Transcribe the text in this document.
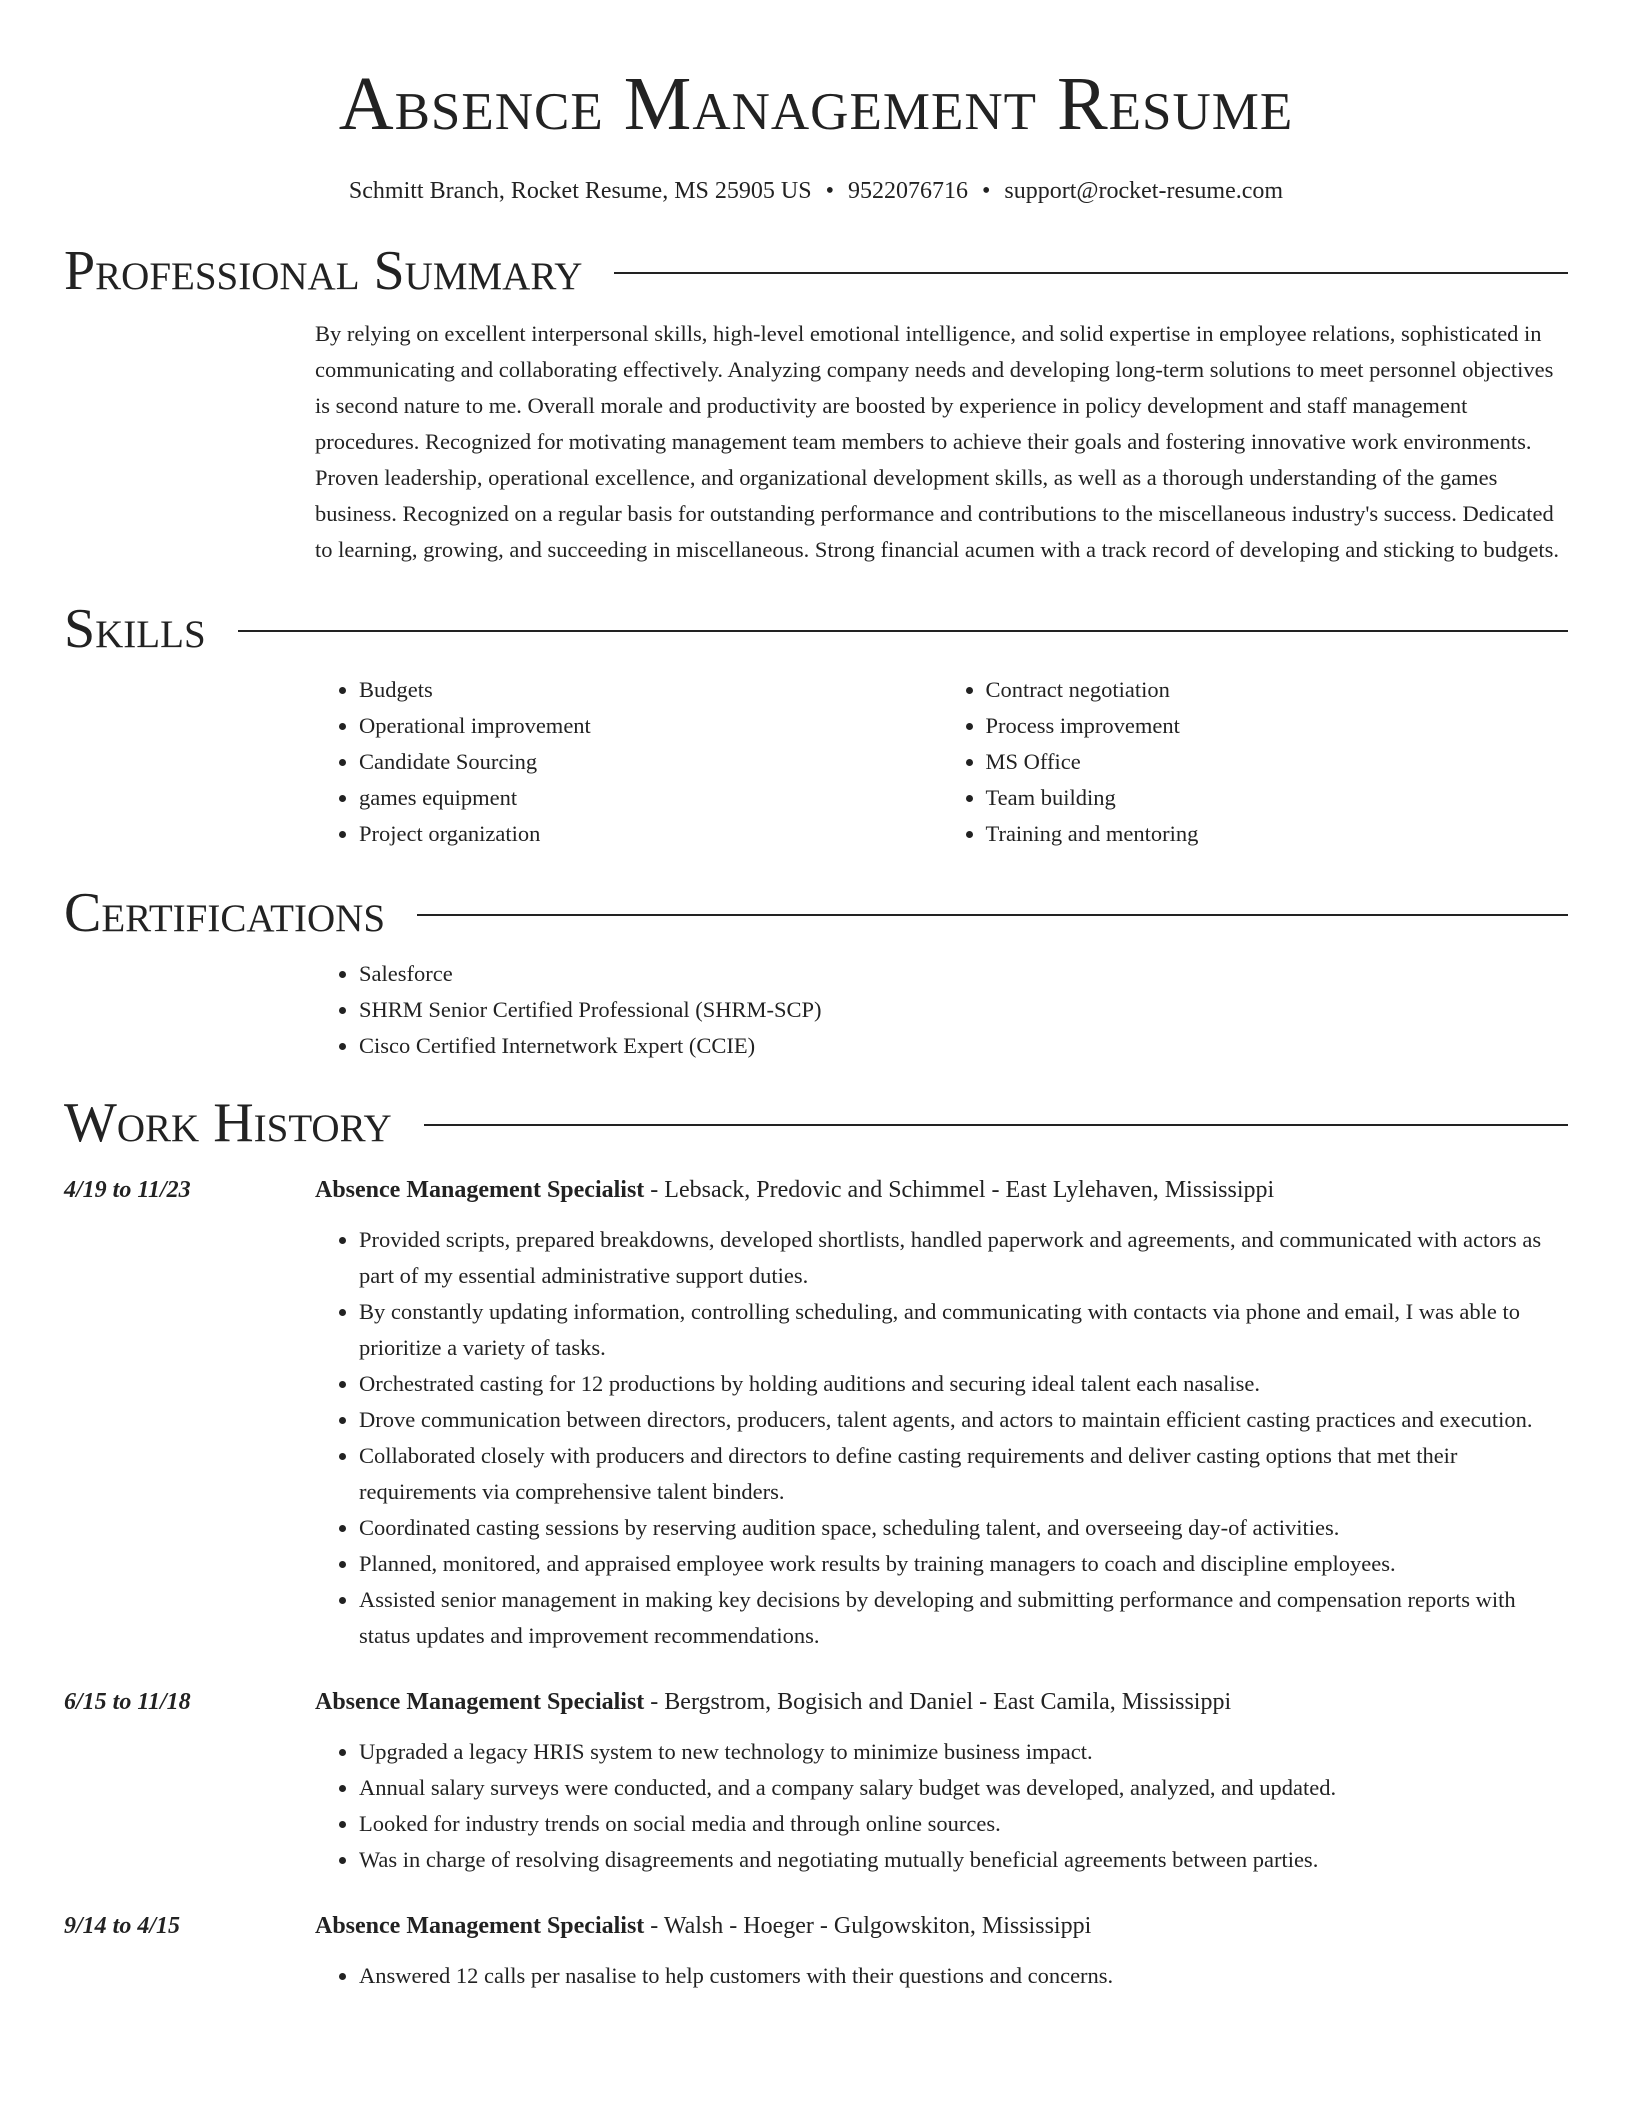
Absence Management Resume
Schmitt Branch, Rocket Resume, MS 25905 US • 9522076716 • support@rocket-resume.com
Professional Summary

By relying on excellent interpersonal skills, high-level emotional intelligence, and solid expertise in employee relations, sophisticated in communicating and collaborating effectively. Analyzing company needs and developing long-term solutions to meet personnel objectives is second nature to me. Overall morale and productivity are boosted by experience in policy development and staff management procedures. Recognized for motivating management team members to achieve their goals and fostering innovative work environments. Proven leadership, operational excellence, and organizational development skills, as well as a thorough understanding of the games business. Recognized on a regular basis for outstanding performance and contributions to the miscellaneous industry's success. Dedicated to learning, growing, and succeeding in miscellaneous. Strong financial acumen with a track record of developing and sticking to budgets.

Skills
• Budgets
• Operational improvement
• Candidate Sourcing
• games equipment
• Project organization
• Contract negotiation
• Process improvement
• MS Office
• Team building
• Training and mentoring
Certifications
• Salesforce
• SHRM Senior Certified Professional (SHRM-SCP)
• Cisco Certified Internetwork Expert (CCIE)
Work History
4/19 to 11/23	Absence Management Specialist - Lebsack, Predovic and Schimmel - East Lylehaven, Mississippi
• Provided scripts, prepared breakdowns, developed shortlists, handled paperwork and agreements, and communicated with actors as part of my essential administrative support duties.
• By constantly updating information, controlling scheduling, and communicating with contacts via phone and email, I was able to prioritize a variety of tasks.
• Orchestrated casting for 12 productions by holding auditions and securing ideal talent each nasalise.
• Drove communication between directors, producers, talent agents, and actors to maintain efficient casting practices and execution.
• Collaborated closely with producers and directors to define casting requirements and deliver casting options that met their requirements via comprehensive talent binders.
• Coordinated casting sessions by reserving audition space, scheduling talent, and overseeing day-of activities.
• Planned, monitored, and appraised employee work results by training managers to coach and discipline employees.
• Assisted senior management in making key decisions by developing and submitting performance and compensation reports with status updates and improvement recommendations.
6/15 to 11/18	Absence Management Specialist - Bergstrom, Bogisich and Daniel - East Camila, Mississippi
• Upgraded a legacy HRIS system to new technology to minimize business impact.
• Annual salary surveys were conducted, and a company salary budget was developed, analyzed, and updated.
• Looked for industry trends on social media and through online sources.
• Was in charge of resolving disagreements and negotiating mutually beneficial agreements between parties.
9/14 to 4/15	Absence Management Specialist - Walsh - Hoeger - Gulgowskiton, Mississippi
• Answered 12 calls per nasalise to help customers with their questions and concerns.
